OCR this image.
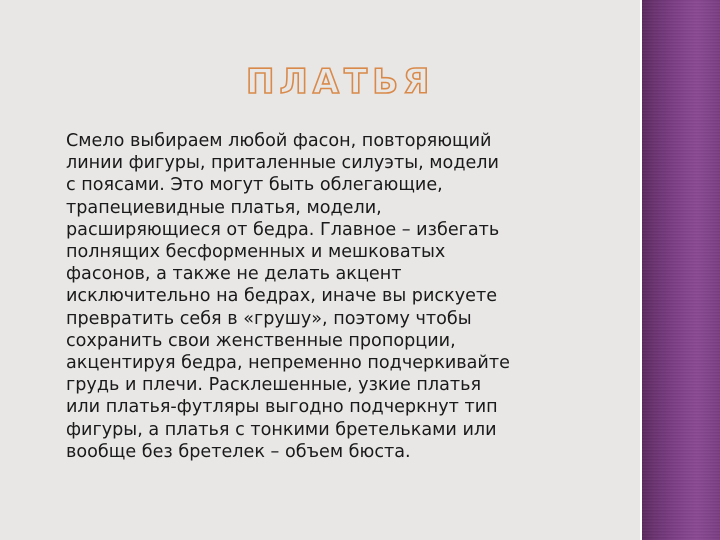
ПЛАТЬЯ

Смело выбираем любой фасон, повторяющий
линии фигуры, приталенные силуэты, модели
с поясами. Это могут быть облегающие,
трапециевидные платья, модели,
расширяющиеся от бедра. Главное – избегать
полнящих бесформенных и мешковатых
фасонов, а также не делать акцент
исключительно на бедрах, иначе вы рискуете
превратить себя в «грушу», поэтому чтобы
сохранить свои женственные пропорции,
акцентируя бедра, непременно подчеркивайте
грудь и плечи. Расклешенные, узкие платья
или платья-футляры выгодно подчеркнут тип
фигуры, а платья с тонкими бретельками или
вообще без бретелек – объем бюста.
